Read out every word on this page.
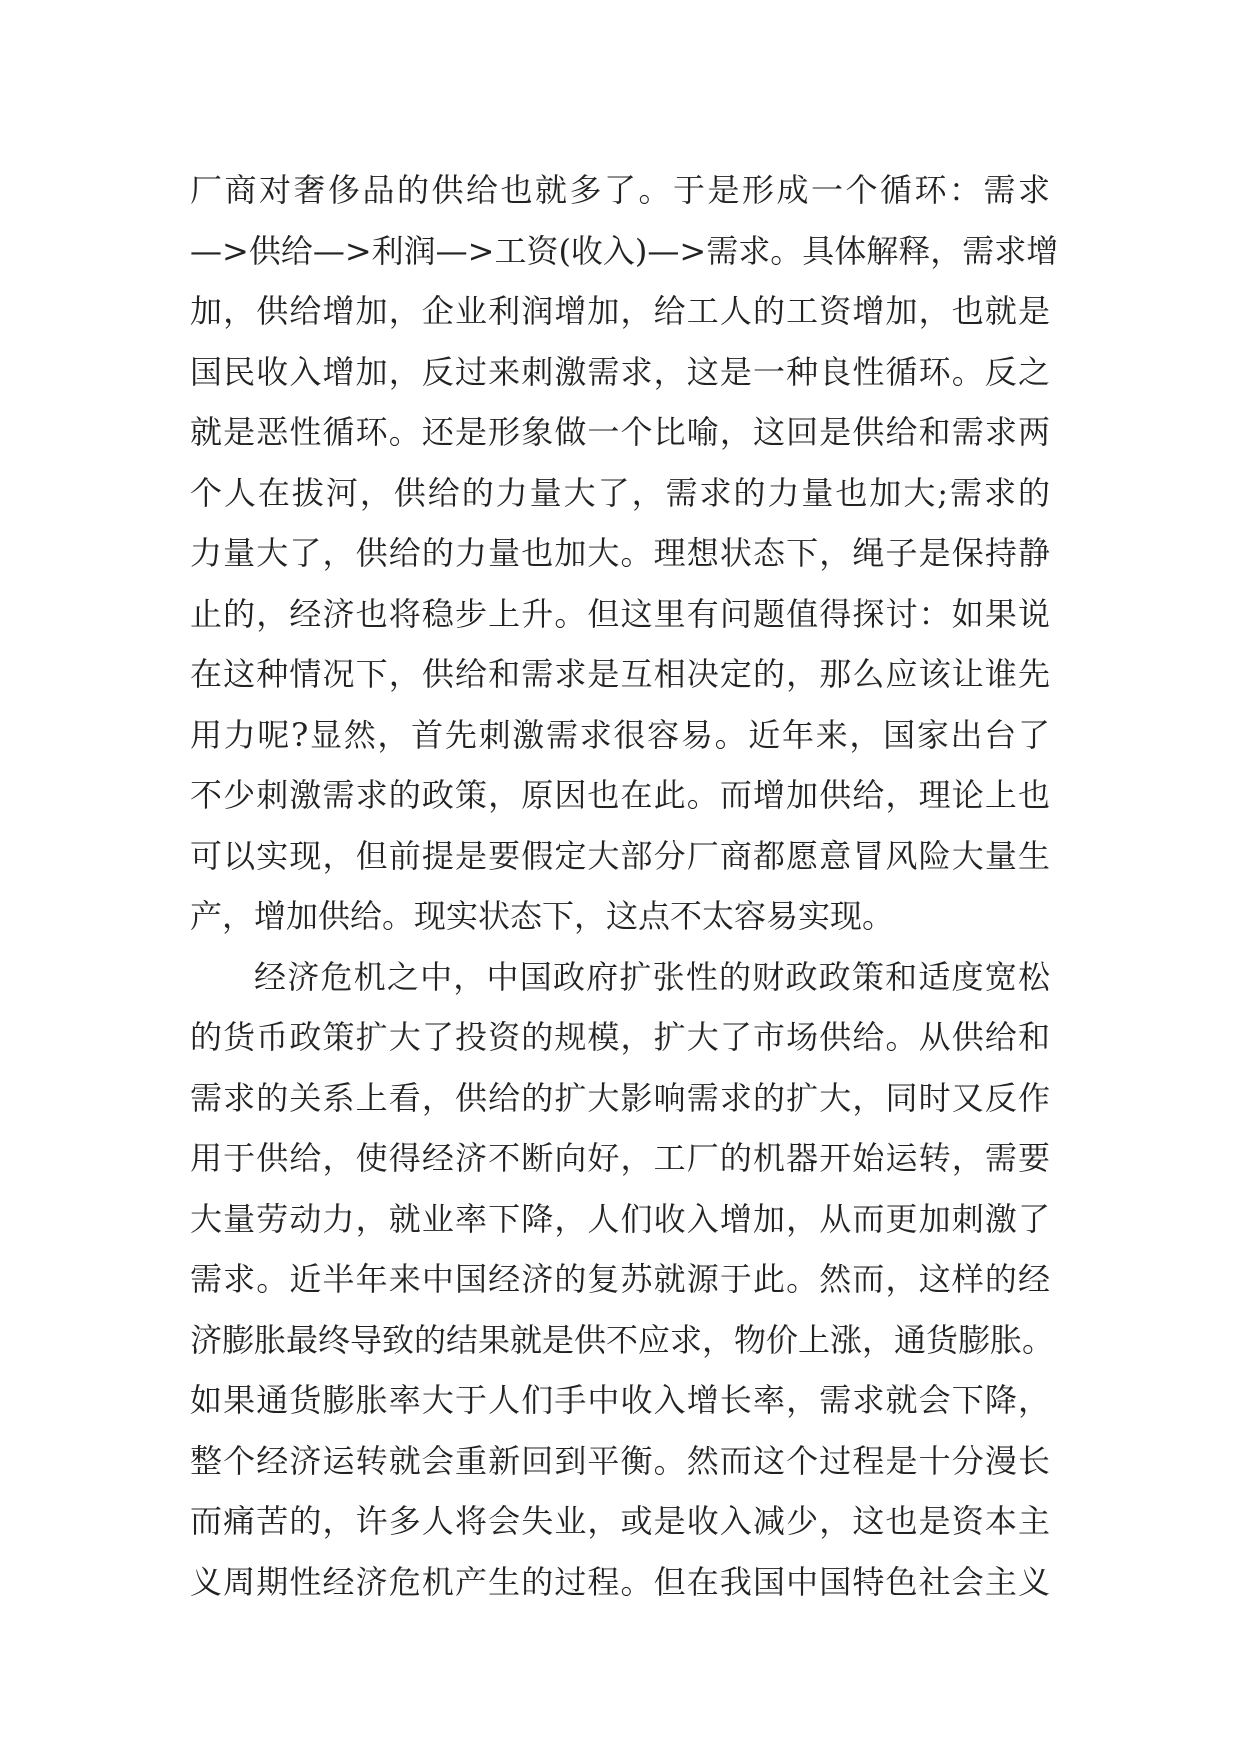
厂商对奢侈品的供给也就多了。于是形成一个循环：需求
—>供给—>利润—>工资(收入)—>需求。具体解释，需求增
加，供给增加，企业利润增加，给工人的工资增加，也就是
国民收入增加，反过来刺激需求，这是一种良性循环。反之
就是恶性循环。还是形象做一个比喻，这回是供给和需求两
个人在拔河，供给的力量大了，需求的力量也加大;需求的
力量大了，供给的力量也加大。理想状态下，绳子是保持静
止的，经济也将稳步上升。但这里有问题值得探讨：如果说
在这种情况下，供给和需求是互相决定的，那么应该让谁先
用力呢?显然，首先刺激需求很容易。近年来，国家出台了
不少刺激需求的政策，原因也在此。而增加供给，理论上也
可以实现，但前提是要假定大部分厂商都愿意冒风险大量生
产，增加供给。现实状态下，这点不太容易实现。
经济危机之中，中国政府扩张性的财政政策和适度宽松
的货币政策扩大了投资的规模，扩大了市场供给。从供给和
需求的关系上看，供给的扩大影响需求的扩大，同时又反作
用于供给，使得经济不断向好，工厂的机器开始运转，需要
大量劳动力，就业率下降，人们收入增加，从而更加刺激了
需求。近半年来中国经济的复苏就源于此。然而，这样的经
济膨胀最终导致的结果就是供不应求，物价上涨，通货膨胀。
如果通货膨胀率大于人们手中收入增长率，需求就会下降，
整个经济运转就会重新回到平衡。然而这个过程是十分漫长
而痛苦的，许多人将会失业，或是收入减少，这也是资本主
义周期性经济危机产生的过程。但在我国中国特色社会主义
